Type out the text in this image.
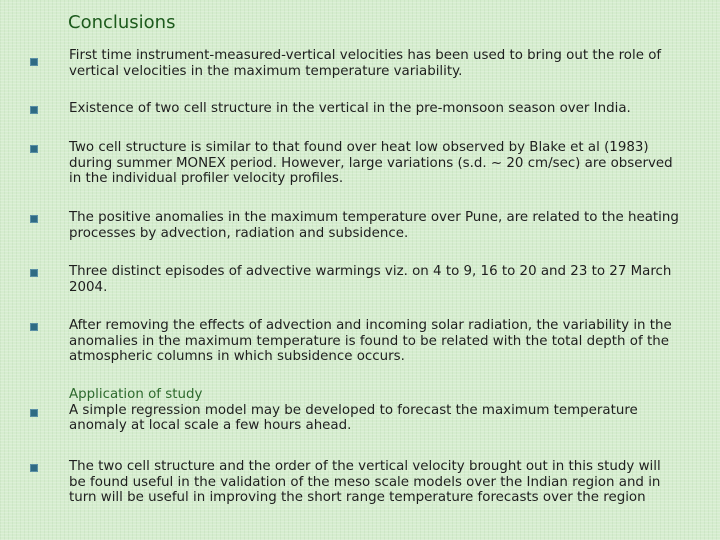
Conclusions

First time instrument-measured-vertical velocities has been used to bring out the role of vertical velocities in the maximum temperature variability.

Existence of two cell structure in the vertical in the pre-monsoon season over India.

Two cell structure is similar to that found over heat low observed by Blake et al (1983) during summer MONEX period. However, large variations (s.d. ~ 20 cm/sec) are observed in the individual profiler velocity profiles.

The positive anomalies in the maximum temperature over Pune, are related to the heating processes by advection, radiation and subsidence.

Three distinct episodes of advective warmings viz. on 4 to 9, 16 to 20 and 23 to 27 March 2004.

After removing the effects of advection and incoming solar radiation, the variability in the anomalies in the maximum temperature is found to be related with the total depth of the atmospheric columns in which subsidence occurs.

Application of study
A simple regression model may be developed to forecast the maximum temperature anomaly at local scale a few hours ahead.

The two cell structure and the order of the vertical velocity brought out in this study will be found useful in the validation of the meso scale models over the Indian region and in turn will be useful in improving the short range temperature forecasts over the region
